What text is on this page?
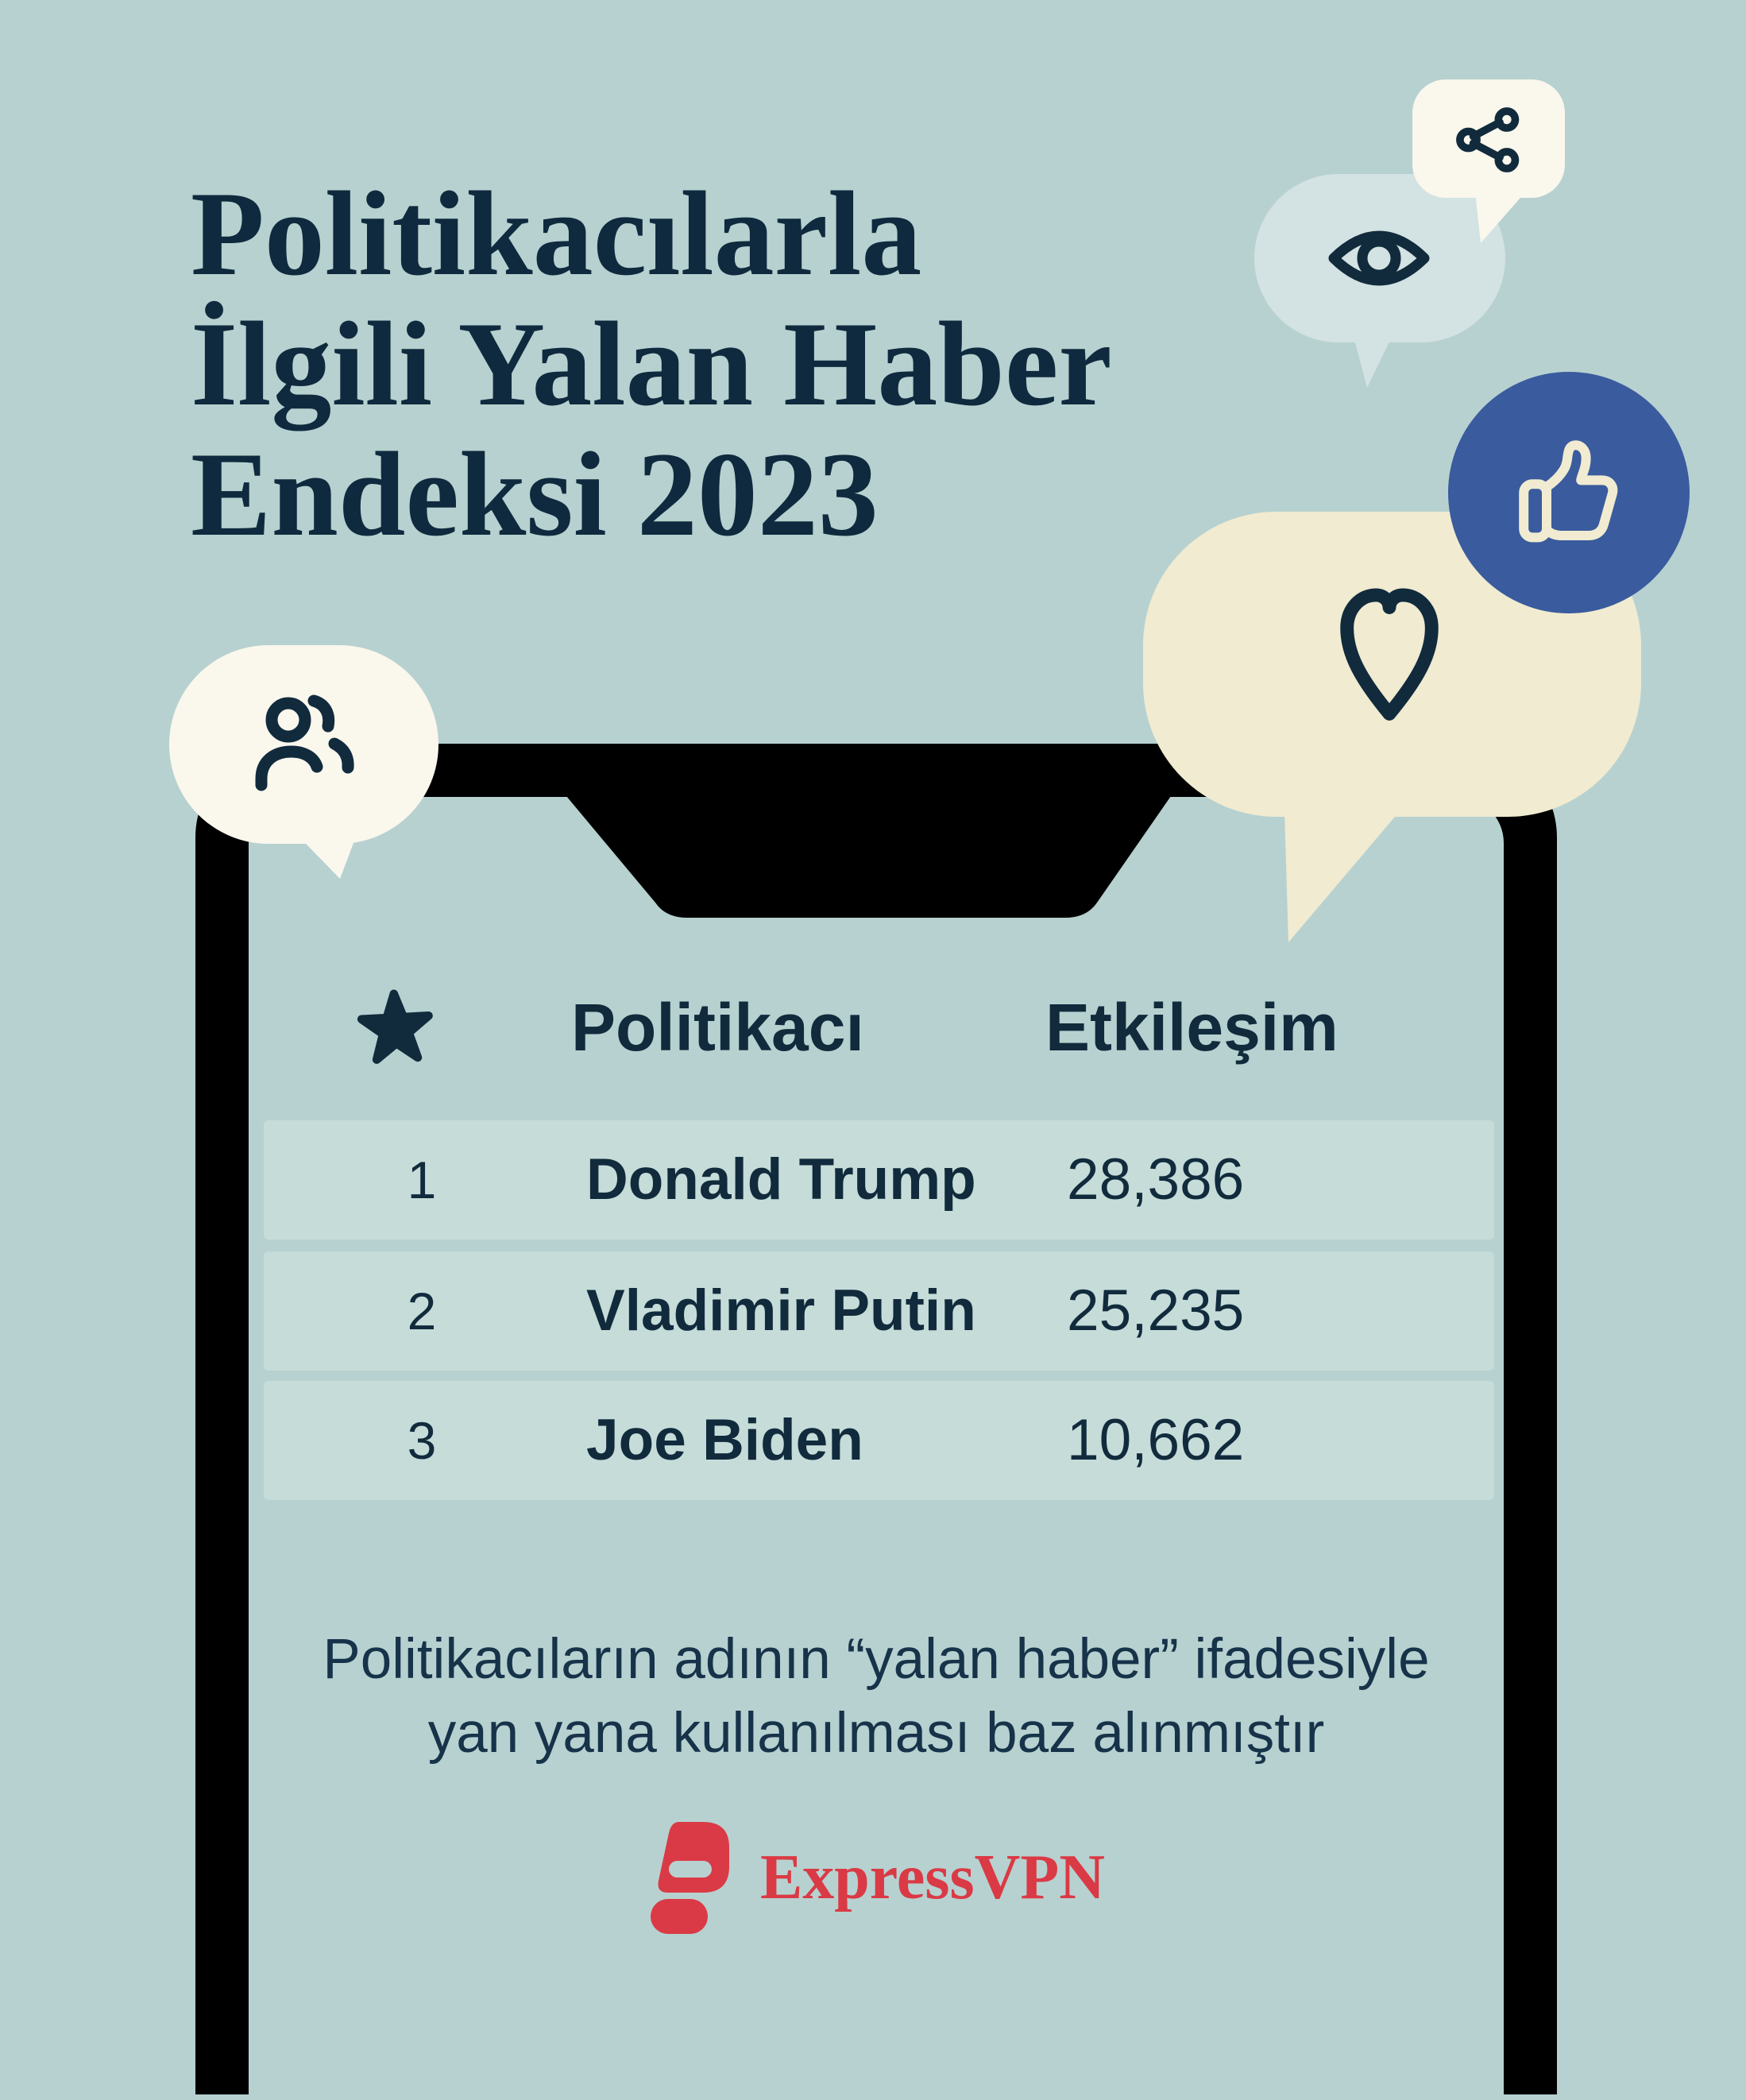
Politikacılarla
İlgili Yalan Haber
Endeksi 2023
Politikacı	Etkileşim
1	Donald Trump 28,386
2	Vladimir Putin 25,235
3	Joe Biden	10,662
Politikacıların adının “yalan haber” ifadesiyle
yan yana kullanılması baz alınmıştır
ExpressVPN
